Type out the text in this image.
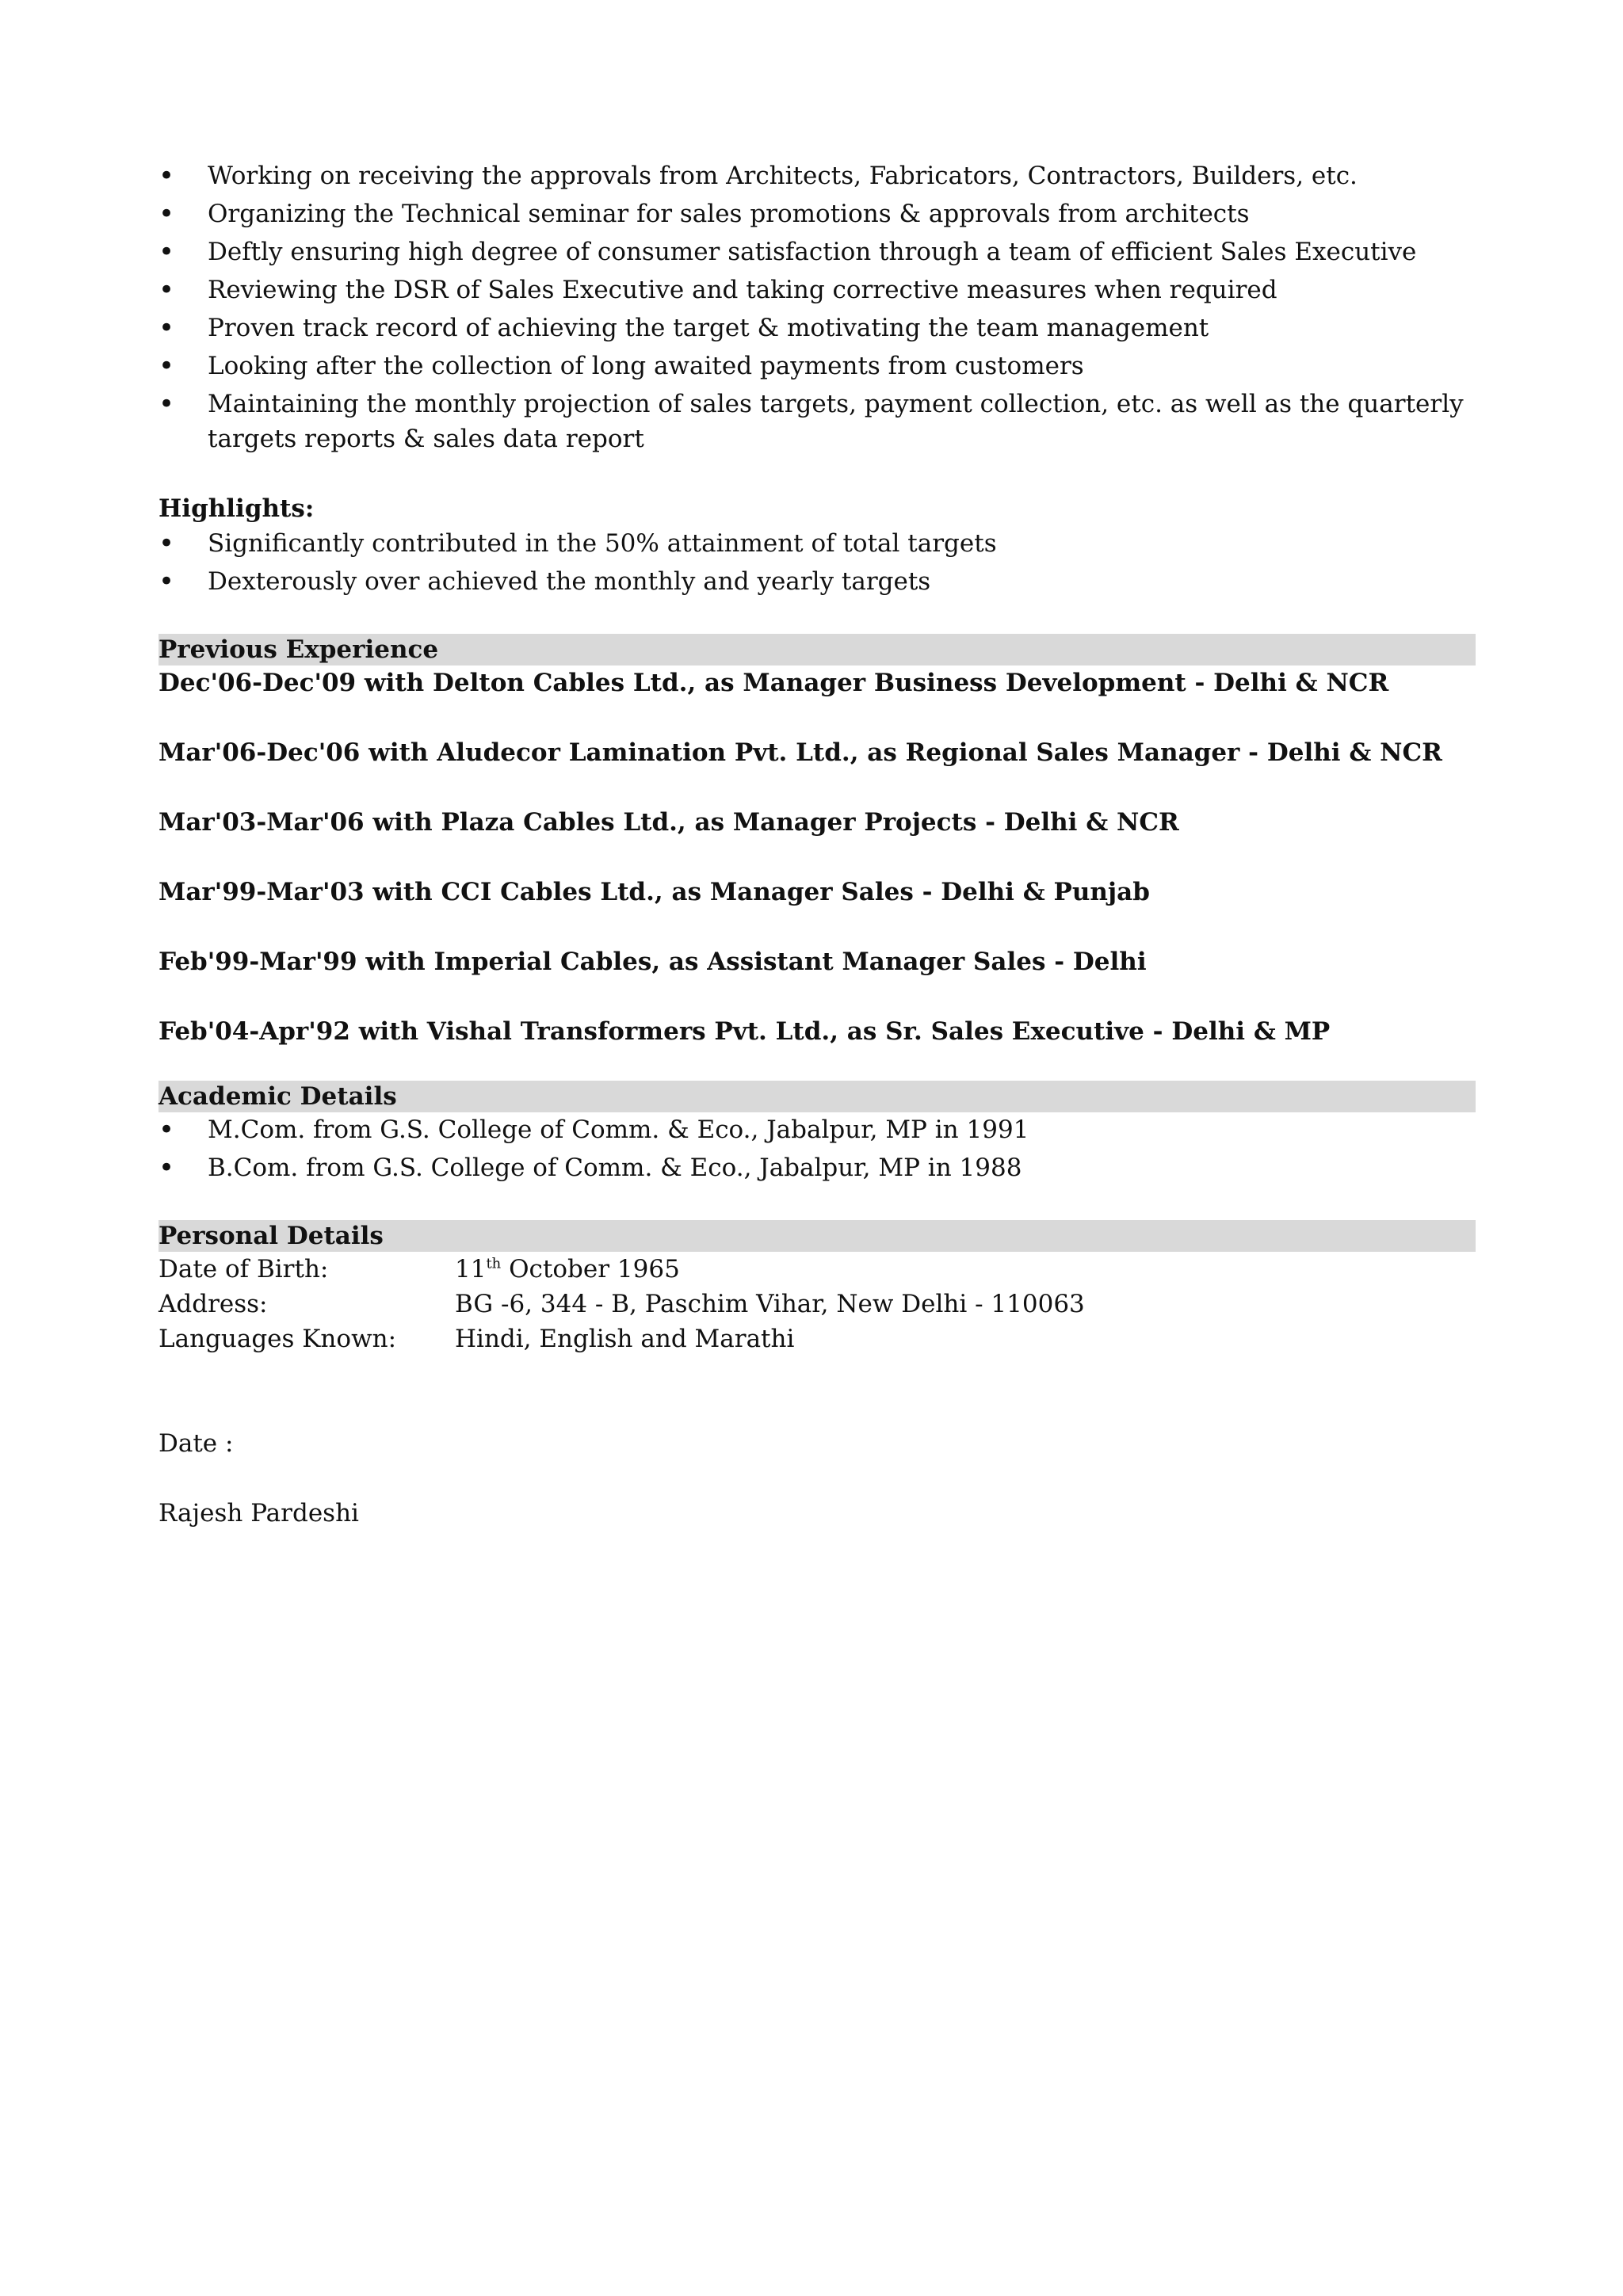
• Working on receiving the approvals from Architects, Fabricators, Contractors, Builders, etc.
• Organizing the Technical seminar for sales promotions & approvals from architects
• Deftly ensuring high degree of consumer satisfaction through a team of efficient Sales Executive
• Reviewing the DSR of Sales Executive and taking corrective measures when required
• Proven track record of achieving the target & motivating the team management
• Looking after the collection of long awaited payments from customers
• Maintaining the monthly projection of sales targets, payment collection, etc. as well as the quarterly targets reports & sales data report
Highlights:
• Significantly contributed in the 50% attainment of total targets
• Dexterously over achieved the monthly and yearly targets
Previous Experience

Dec'06-Dec'09 with Delton Cables Ltd., as Manager Business Development - Delhi & NCR

Mar'06-Dec'06 with Aludecor Lamination Pvt. Ltd., as Regional Sales Manager - Delhi & NCR

Mar'03-Mar'06 with Plaza Cables Ltd., as Manager Projects - Delhi & NCR

Mar'99-Mar'03 with CCI Cables Ltd., as Manager Sales - Delhi & Punjab

Feb'99-Mar'99 with Imperial Cables, as Assistant Manager Sales - Delhi

Feb'04-Apr'92 with Vishal Transformers Pvt. Ltd., as Sr. Sales Executive - Delhi & MP

Academic Details
• M.Com. from G.S. College of Comm. & Eco., Jabalpur, MP in 1991
• B.Com. from G.S. College of Comm. & Eco., Jabalpur, MP in 1988
Personal Details
Date of Birth:	11th October 1965
Address:	BG -6, 344 - B, Paschim Vihar, New Delhi - 110063
Languages Known:	Hindi, English and Marathi
Date :
Rajesh Pardeshi
